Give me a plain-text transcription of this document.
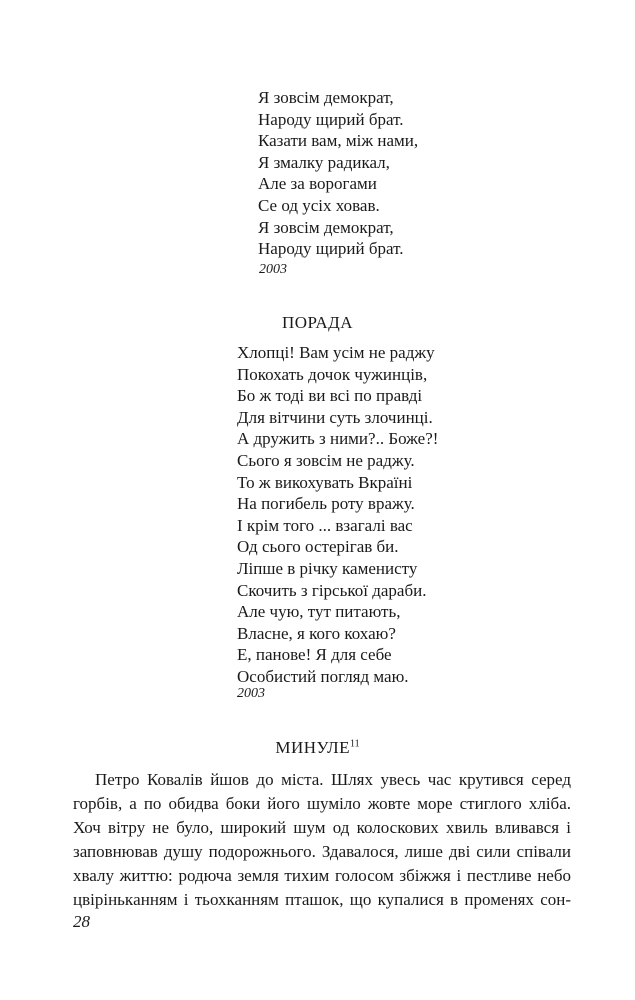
Я зовсім демократ,
Народу щирий брат.
Казати вам, між нами,
Я змалку радикал,
Але за ворогами
Се од усіх ховав.
Я зовсім демократ,
Народу щирий брат.
2003
ПОРАДА
Хлопці! Вам усім не раджу
Покохать дочок чужинців,
Бо ж тоді ви всі по правді
Для вітчини суть злочинці.
А дружить з ними?.. Боже?!
Сього я зовсім не раджу.
То ж викохувать Вкраїні
На погибель роту вражу.
І крім того ... взагалі вас
Од сього остерігав би.
Ліпше в річку каменисту
Скочить з гірської дараби.
Але чую, тут питають,
Власне, я кого кохаю?
Е, панове! Я для себе
Особистий погляд маю.
2003
МИНУЛЕ$^{11}$
Петро Ковалів йшов до міста. Шлях увесь час крутився серед
горбів, а по обидва боки його шуміло жовте море стиглого хліба.
Хоч вітру не було, широкий шум од колоскових хвиль вливався і
заповнював душу подорожнього. Здавалося, лише дві сили співали
хвалу життю: родюча земля тихим голосом збіжжя і пестливе небо
цвірінькaнням і тьохканням пташок, що купалися в променях сон-
28
